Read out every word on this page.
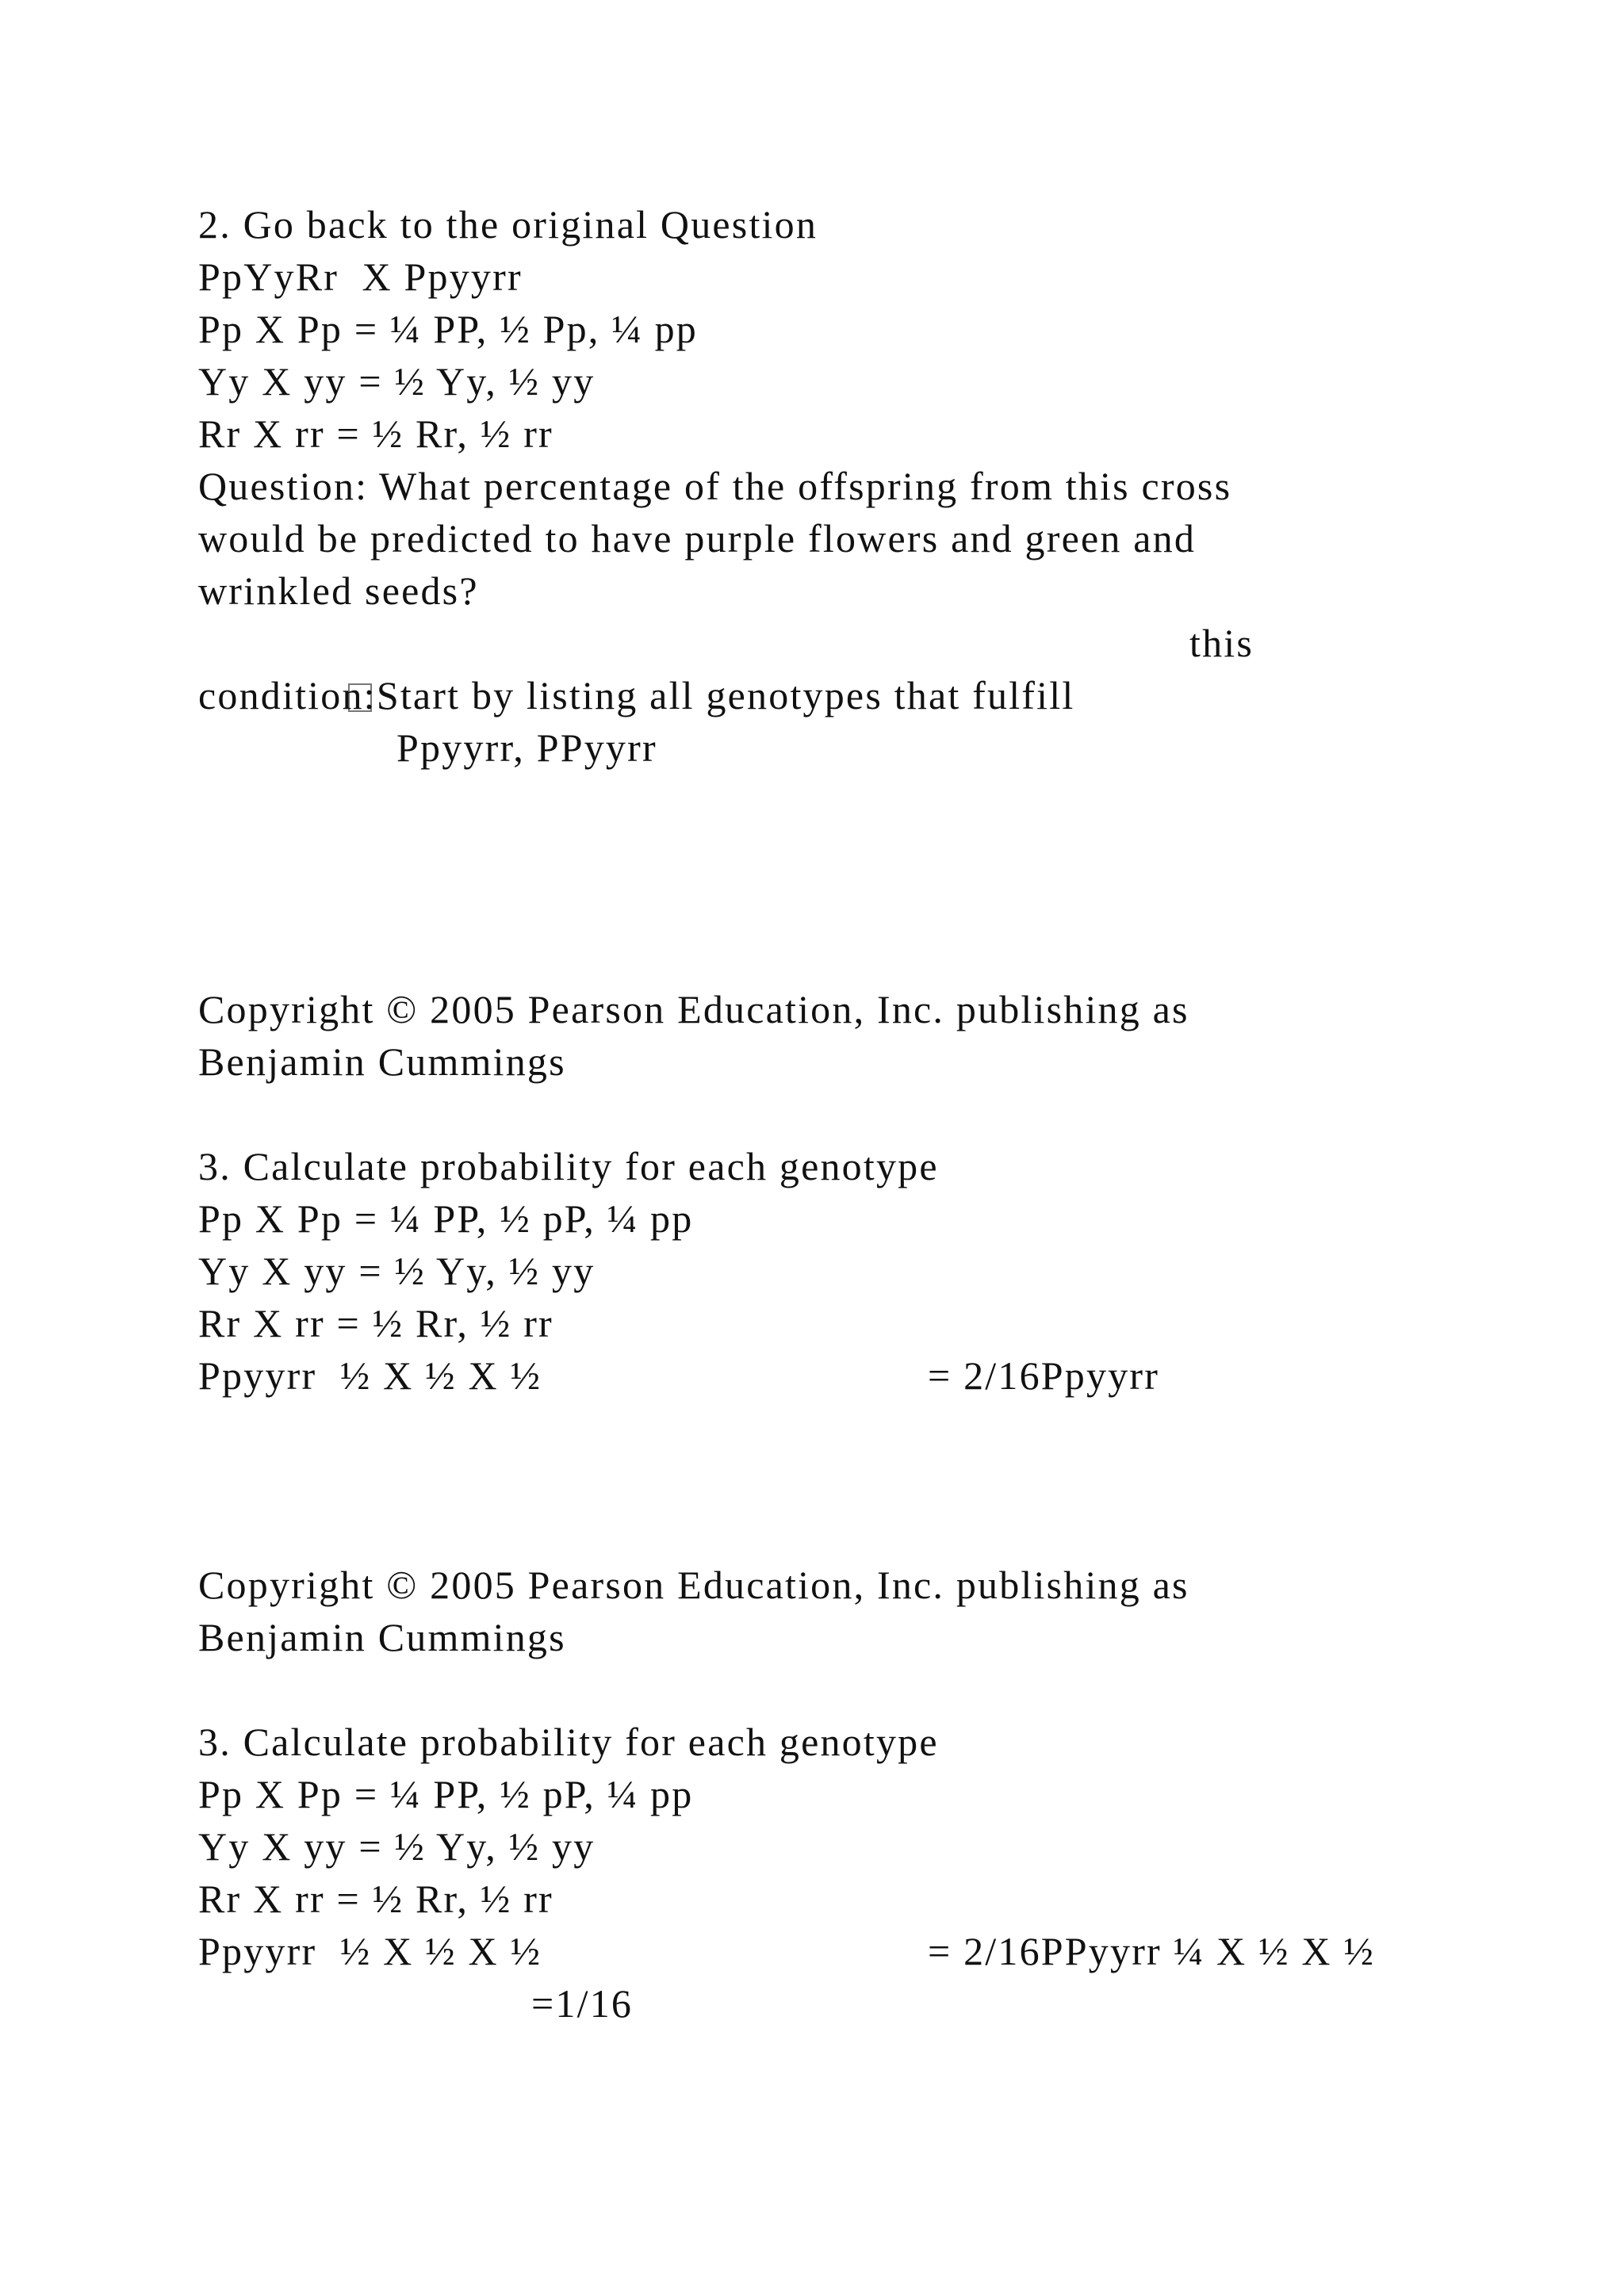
2. Go back to the original Question
PpYyRr  X Ppyyrr
Pp X Pp = ¼ PP, ½ Pp, ¼ pp
Yy X yy = ½ Yy, ½ yy
Rr X rr = ½ Rr, ½ rr
Question: What percentage of the offspring from this cross
would be predicted to have purple flowers and green and
wrinkled seeds?

Start by listing all genotypes that fulfill

this
condition:
Ppyyrr, PPyyrr
Copyright © 2005 Pearson Education, Inc. publishing as
Benjamin Cummings
3. Calculate probability for each genotype
Pp X Pp = ¼ PP, ½ pP, ¼ pp
Yy X yy = ½ Yy, ½ yy
Rr X rr = ½ Rr, ½ rr
Ppyyrr  ½ X ½ X ½	= 2/16Ppyyrr
Copyright © 2005 Pearson Education, Inc. publishing as
Benjamin Cummings
3. Calculate probability for each genotype
Pp X Pp = ¼ PP, ½ pP, ¼ pp
Yy X yy = ½ Yy, ½ yy
Rr X rr = ½ Rr, ½ rr
Ppyyrr  ½ X ½ X ½	= 2/16PPyyrr ¼ X ½ X ½
=1/16
